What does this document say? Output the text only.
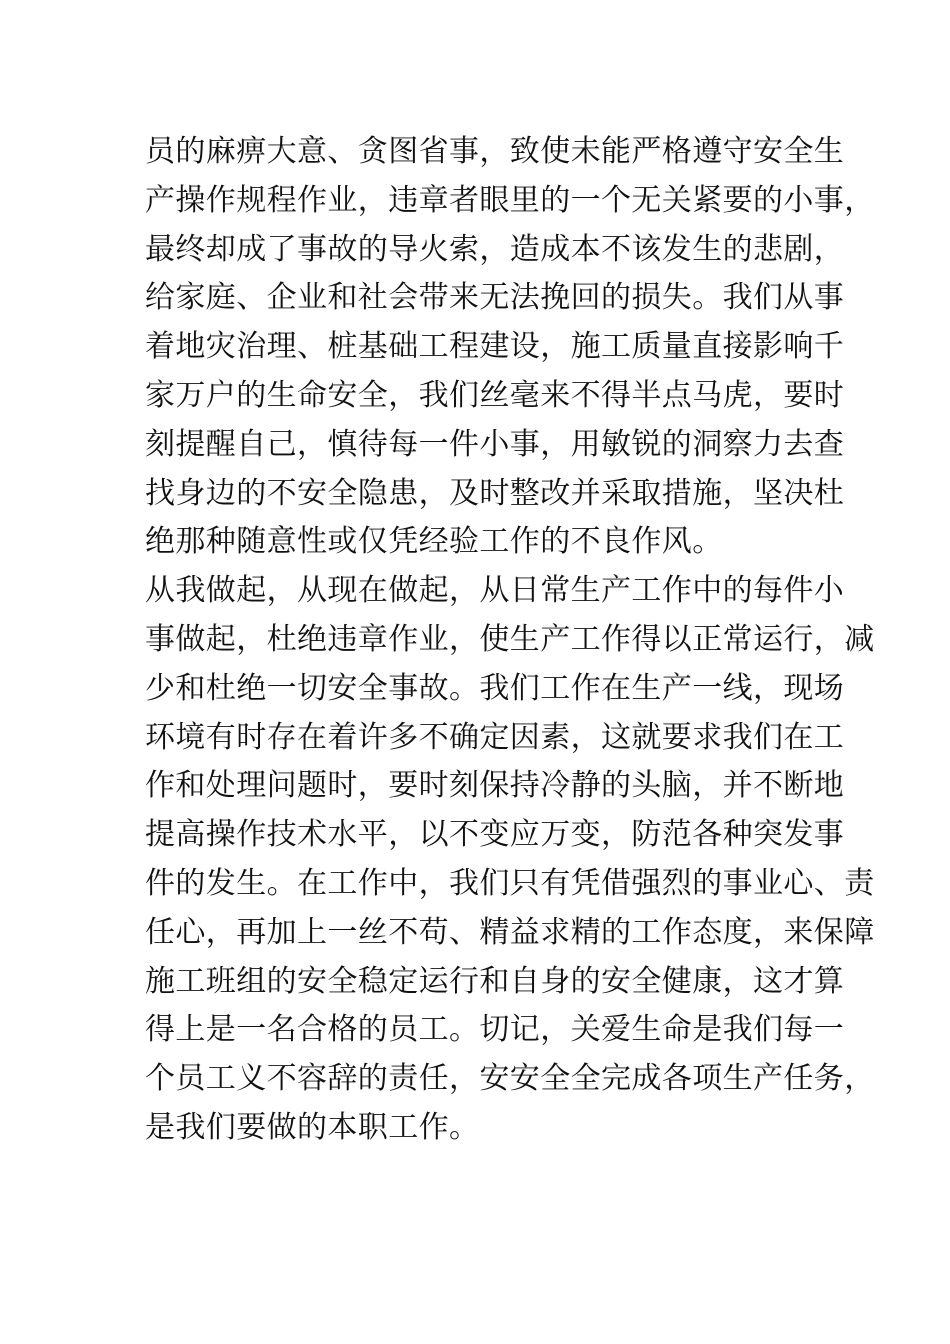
员的麻痹大意、贪图省事，致使未能严格遵守安全生
产操作规程作业，违章者眼里的一个无关紧要的小事，
最终却成了事故的导火索，造成本不该发生的悲剧，
给家庭、企业和社会带来无法挽回的损失。我们从事
着地灾治理、桩基础工程建设，施工质量直接影响千
家万户的生命安全，我们丝毫来不得半点马虎，要时
刻提醒自己，慎待每一件小事，用敏锐的洞察力去查
找身边的不安全隐患，及时整改并采取措施，坚决杜
绝那种随意性或仅凭经验工作的不良作风。
从我做起，从现在做起，从日常生产工作中的每件小
事做起，杜绝违章作业，使生产工作得以正常运行，减
少和杜绝一切安全事故。我们工作在生产一线，现场
环境有时存在着许多不确定因素，这就要求我们在工
作和处理问题时，要时刻保持冷静的头脑，并不断地
提高操作技术水平，以不变应万变，防范各种突发事
件的发生。在工作中，我们只有凭借强烈的事业心、责
任心，再加上一丝不苟、精益求精的工作态度，来保障
施工班组的安全稳定运行和自身的安全健康，这才算
得上是一名合格的员工。切记，关爱生命是我们每一
个员工义不容辞的责任，安安全全完成各项生产任务，
是我们要做的本职工作。
